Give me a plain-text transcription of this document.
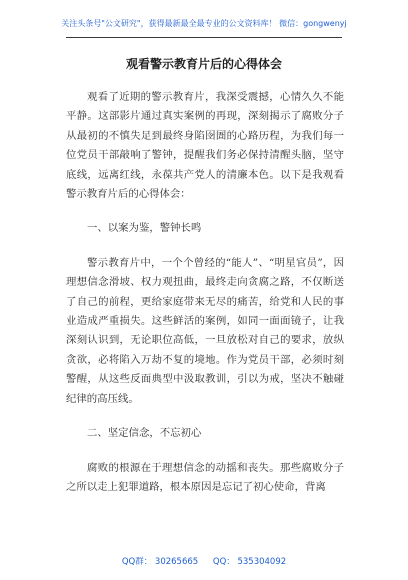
关注头条号"公文研究"，获得最新最全最专业的公文资料库！ 微信：gongwenyj
观看警示教育片后的心得体会

观看了近期的警示教育片，我深受震撼，心情久久不能平静。这部影片通过真实案例的再现，深刻揭示了腐败分子从最初的不慎失足到最终身陷囹圄的心路历程，为我们每一位党员干部敲响了警钟，提醒我们务必保持清醒头脑，坚守底线，远离红线，永葆共产党人的清廉本色。以下是我观看警示教育片后的心得体会：

一、以案为鉴，警钟长鸣

警示教育片中，一个个曾经的“能人”、“明星官员”，因理想信念滑坡、权力观扭曲，最终走向贪腐之路，不仅断送了自己的前程，更给家庭带来无尽的痛苦，给党和人民的事业造成严重损失。这些鲜活的案例，如同一面面镜子，让我深刻认识到，无论职位高低，一旦放松对自己的要求，放纵贪欲，必将陷入万劫不复的境地。作为党员干部，必须时刻警醒，从这些反面典型中汲取教训，引以为戒，坚决不触碰纪律的高压线。

二、坚定信念，不忘初心

腐败的根源在于理想信念的动摇和丧失。那些腐败分子之所以走上犯罪道路，根本原因是忘记了初心使命，背离

QQ群： 30265665 QQ： 535304092
